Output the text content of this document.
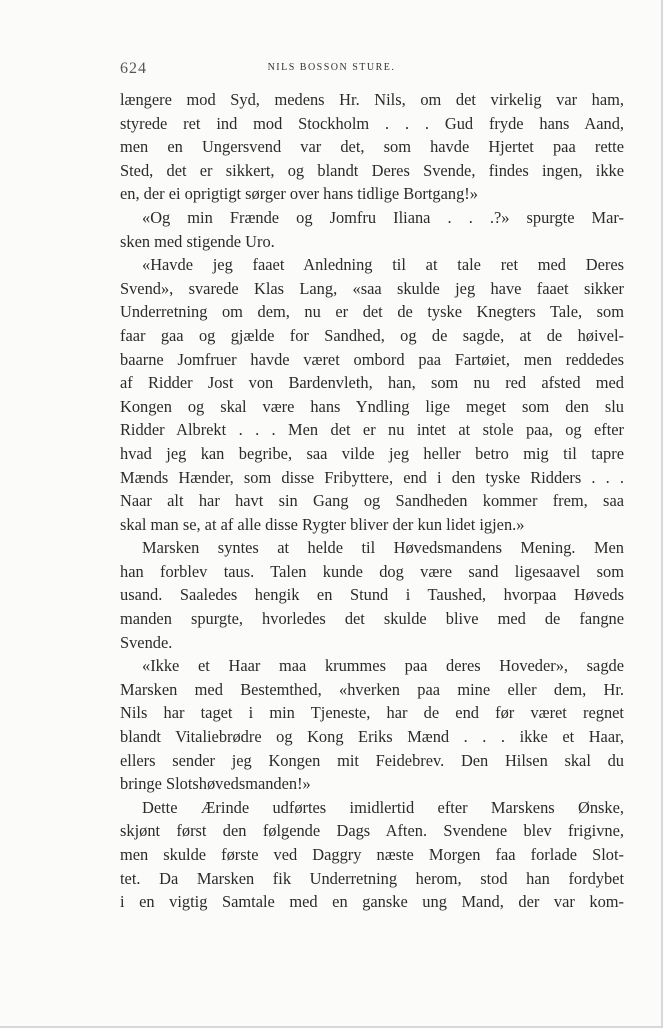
624	NILS BOSSON STURE.
længere mod Syd, medens Hr. Nils, om det virkelig var ham,
styrede ret ind mod Stockholm . . . Gud fryde hans Aand,
men en Ungersvend var det, som havde Hjertet paa rette
Sted, det er sikkert, og blandt Deres Svende, findes ingen, ikke
en, der ei oprigtigt sørger over hans tidlige Bortgang!»
«Og min Frænde og Jomfru Iliana . . .?» spurgte Mar-
sken med stigende Uro.
«Havde jeg faaet Anledning til at tale ret med Deres
Svend», svarede Klas Lang, «saa skulde jeg have faaet sikker
Underretning om dem, nu er det de tyske Knegters Tale, som
faar gaa og gjælde for Sandhed, og de sagde, at de høivel-
baarne Jomfruer havde været ombord paa Fartøiet, men reddedes
af Ridder Jost von Bardenvleth, han, som nu red afsted med
Kongen og skal være hans Yndling lige meget som den slu
Ridder Albrekt . . . Men det er nu intet at stole paa, og efter
hvad jeg kan begribe, saa vilde jeg heller betro mig til tapre
Mænds Hænder, som disse Fribyttere, end i den tyske Ridders . . .
Naar alt har havt sin Gang og Sandheden kommer frem, saa
skal man se, at af alle disse Rygter bliver der kun lidet igjen.»
Marsken syntes at helde til Høvedsmandens Mening. Men
han forblev taus. Talen kunde dog være sand ligesaavel som
usand. Saaledes hengik en Stund i Taushed, hvorpaa Høveds
manden spurgte, hvorledes det skulde blive med de fangne
Svende.
«Ikke et Haar maa krummes paa deres Hoveder», sagde
Marsken med Bestemthed, «hverken paa mine eller dem, Hr.
Nils har taget i min Tjeneste, har de end før været regnet
blandt Vitaliebrødre og Kong Eriks Mænd . . . ikke et Haar,
ellers sender jeg Kongen mit Feidebrev. Den Hilsen skal du
bringe Slotshøvedsmanden!»
Dette Ærinde udførtes imidlertid efter Marskens Ønske,
skjønt først den følgende Dags Aften. Svendene blev frigivne,
men skulde første ved Daggry næste Morgen faa forlade Slot-
tet. Da Marsken fik Underretning herom, stod han fordybet
i en vigtig Samtale med en ganske ung Mand, der var kom-
